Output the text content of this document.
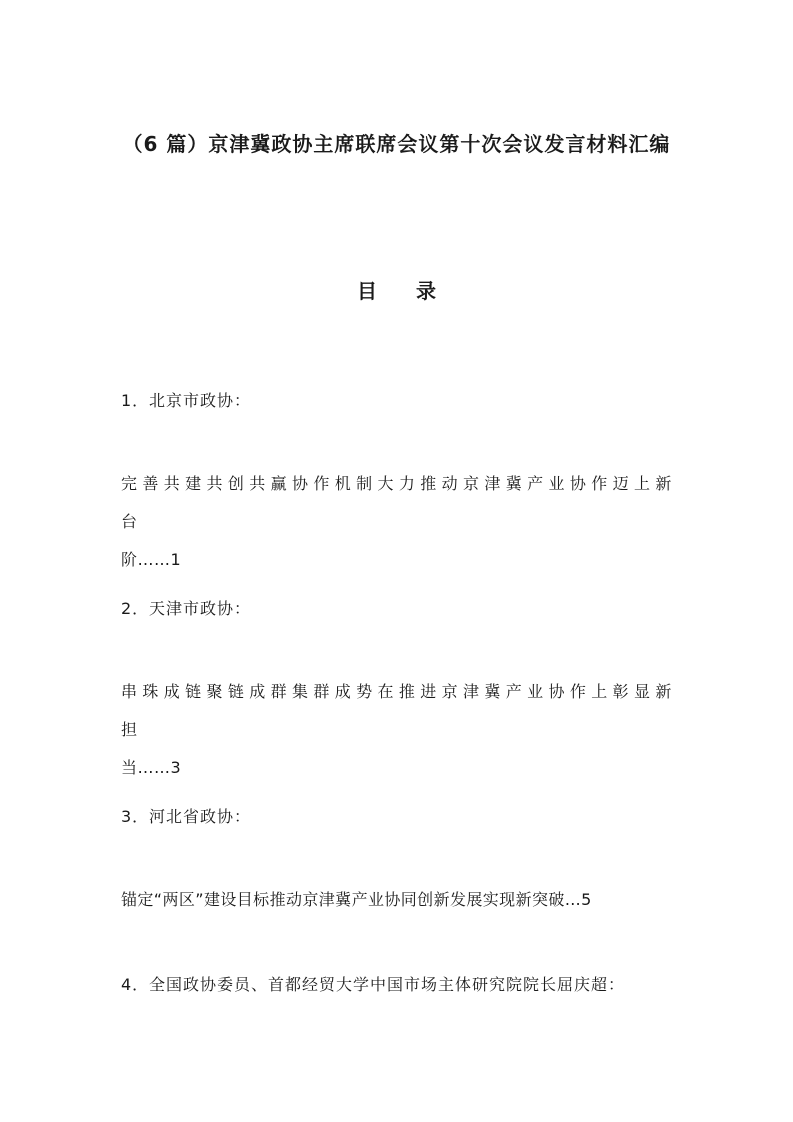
（6 篇）京津冀政协主席联席会议第十次会议发言材料汇编
目 录
1．北京市政协：
完善共建共创共赢协作机制大力推动京津冀产业协作迈上新台
阶……1
2．天津市政协：
串珠成链聚链成群集群成势在推进京津冀产业协作上彰显新担
当……3
3．河北省政协：
锚定“两区”建设目标推动京津冀产业协同创新发展实现新突破…5
4．全国政协委员、首都经贸大学中国市场主体研究院院长屈庆超：
